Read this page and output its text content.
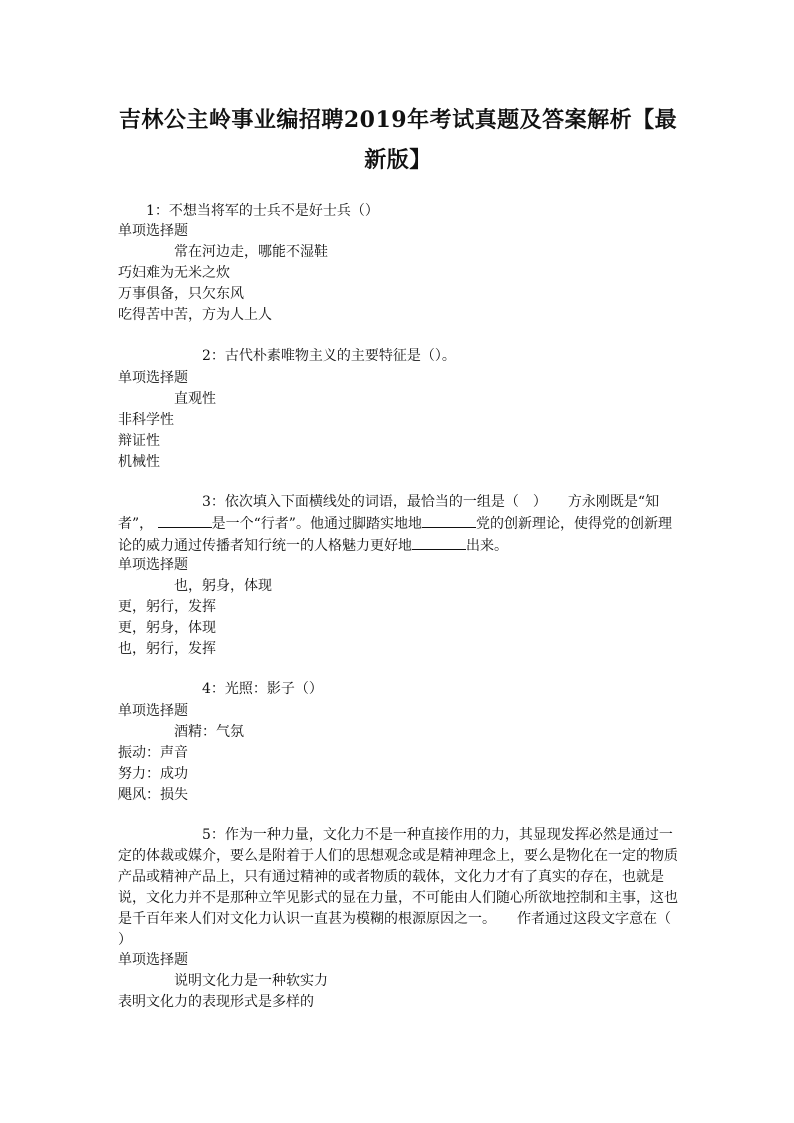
吉林公主岭事业编招聘2019年考试真题及答案解析【最新版】
1：不想当将军的士兵不是好士兵（）
单项选择题
常在河边走，哪能不湿鞋
巧妇难为无米之炊
万事俱备，只欠东风
吃得苦中苦，方为人上人
2：古代朴素唯物主义的主要特征是（）。
单项选择题
直观性
非科学性
辩证性
机械性
3：依次填入下面横线处的词语，最恰当的一组是（　）　　方永刚既是“知者”，	是一个“行者”。他通过脚踏实地地	党的创新理论，使得党的创新理论的威力通过传播者知行统一的人格魅力更好地	出来。
单项选择题
也，躬身，体现
更，躬行，发挥
更，躬身，体现
也，躬行，发挥
4：光照：影子（）
单项选择题
酒精：气氛
振动：声音
努力：成功
飓风：损失
5：作为一种力量，文化力不是一种直接作用的力，其显现发挥必然是通过一定的体裁或媒介，要么是附着于人们的思想观念或是精神理念上，要么是物化在一定的物质产品或精神产品上，只有通过精神的或者物质的载体，文化力才有了真实的存在，也就是说，文化力并不是那种立竿见影式的显在力量，不可能由人们随心所欲地控制和主事，这也是千百年来人们对文化力认识一直甚为模糊的根源原因之一。　　作者通过这段文字意在（ ）
单项选择题
说明文化力是一种软实力
表明文化力的表现形式是多样的
